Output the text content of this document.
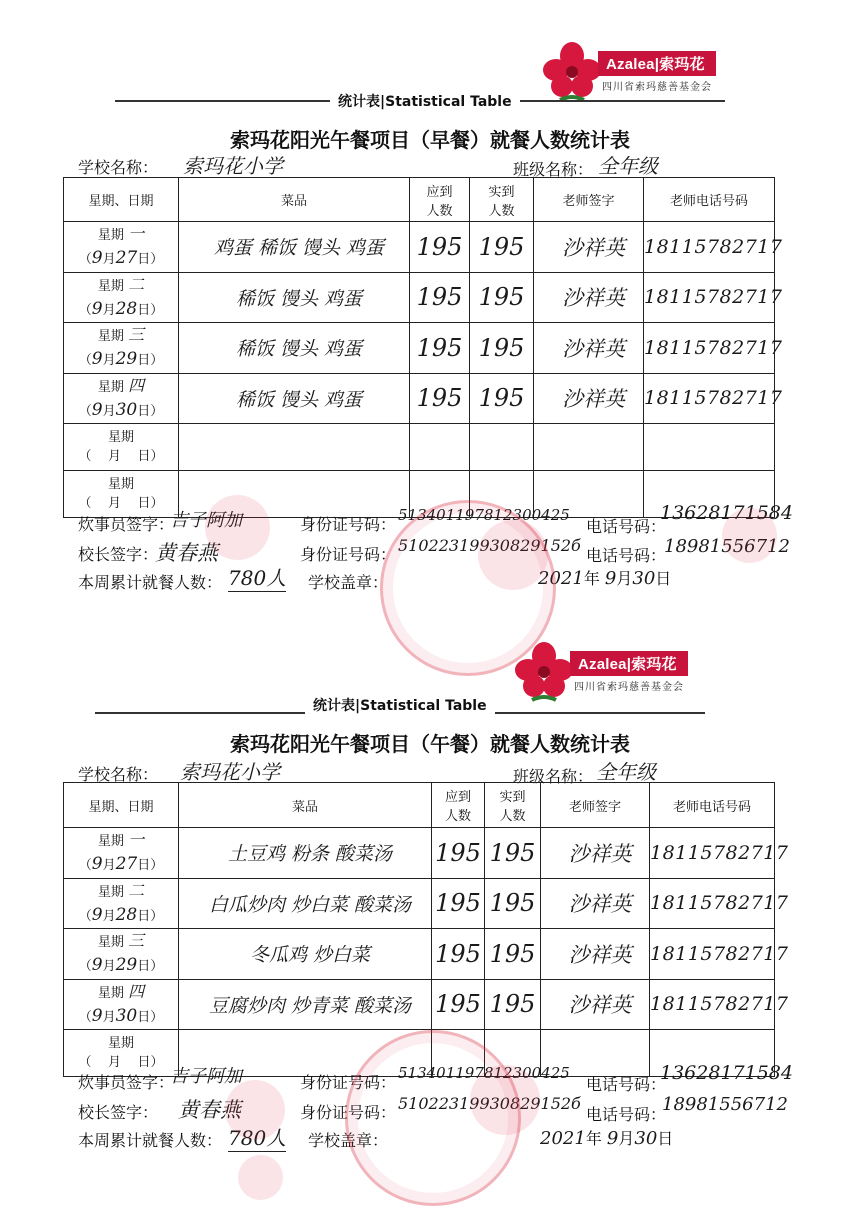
Azalea|索玛花
四川省索玛慈善基金会
统计表|Statistical Table
索玛花阳光午餐项目（早餐）就餐人数统计表
学校名称： 索玛花小学	班级名称： 全年级
星期、日期	菜品	应到
人数	实到
人数	老师签字	老师电话号码
星期 一
（9月27日）	鸡蛋 稀饭 馒头 鸡蛋	195	195	沙祥英	18115782717
星期 二
（9月28日）	稀饭 馒头 鸡蛋	195	195	沙祥英	18115782717
星期 三
（9月29日）	稀饭 馒头 鸡蛋	195	195	沙祥英	18115782717
星期 四
（9月30日）	稀饭 馒头 鸡蛋	195	195	沙祥英	18115782717
星期
（    月 日）					
星期
（    月 日）					
炊事员签字：
吉子阿加	身份证号码： 513401197812300425
电话号码：
13628171584
校长签字：
黄春燕	身份证号码： 51022319930829152б
电话号码：
18981556712
本周累计就餐人数： 780人 学校盖章：	2021年 9月30日
Azalea|索玛花
四川省索玛慈善基金会
统计表|Statistical Table
索玛花阳光午餐项目（午餐）就餐人数统计表
学校名称： 索玛花小学	班级名称： 全年级
星期、日期	菜品	应到
人数	实到
人数	老师签字	老师电话号码
星期 一
（9月27日）	土豆鸡 粉条 酸菜汤	195	195	沙祥英	18115782717
星期 二
（9月28日）	白瓜炒肉 炒白菜 酸菜汤	195	195	沙祥英	18115782717
星期 三
（9月29日）	冬瓜鸡 炒白菜	195	195	沙祥英	18115782717
星期 四
（9月30日）	豆腐炒肉 炒青菜 酸菜汤	195	195	沙祥英	18115782717
星期
（    月 日）					
炊事员签字：
吉子阿加	身份证号码： 513401197812300425
电话号码：
13628171584
校长签字： 黄春燕	身份证号码： 51022319930829152б
电话号码：
18981556712
本周累计就餐人数： 780人 学校盖章：	2021年 9月30日
